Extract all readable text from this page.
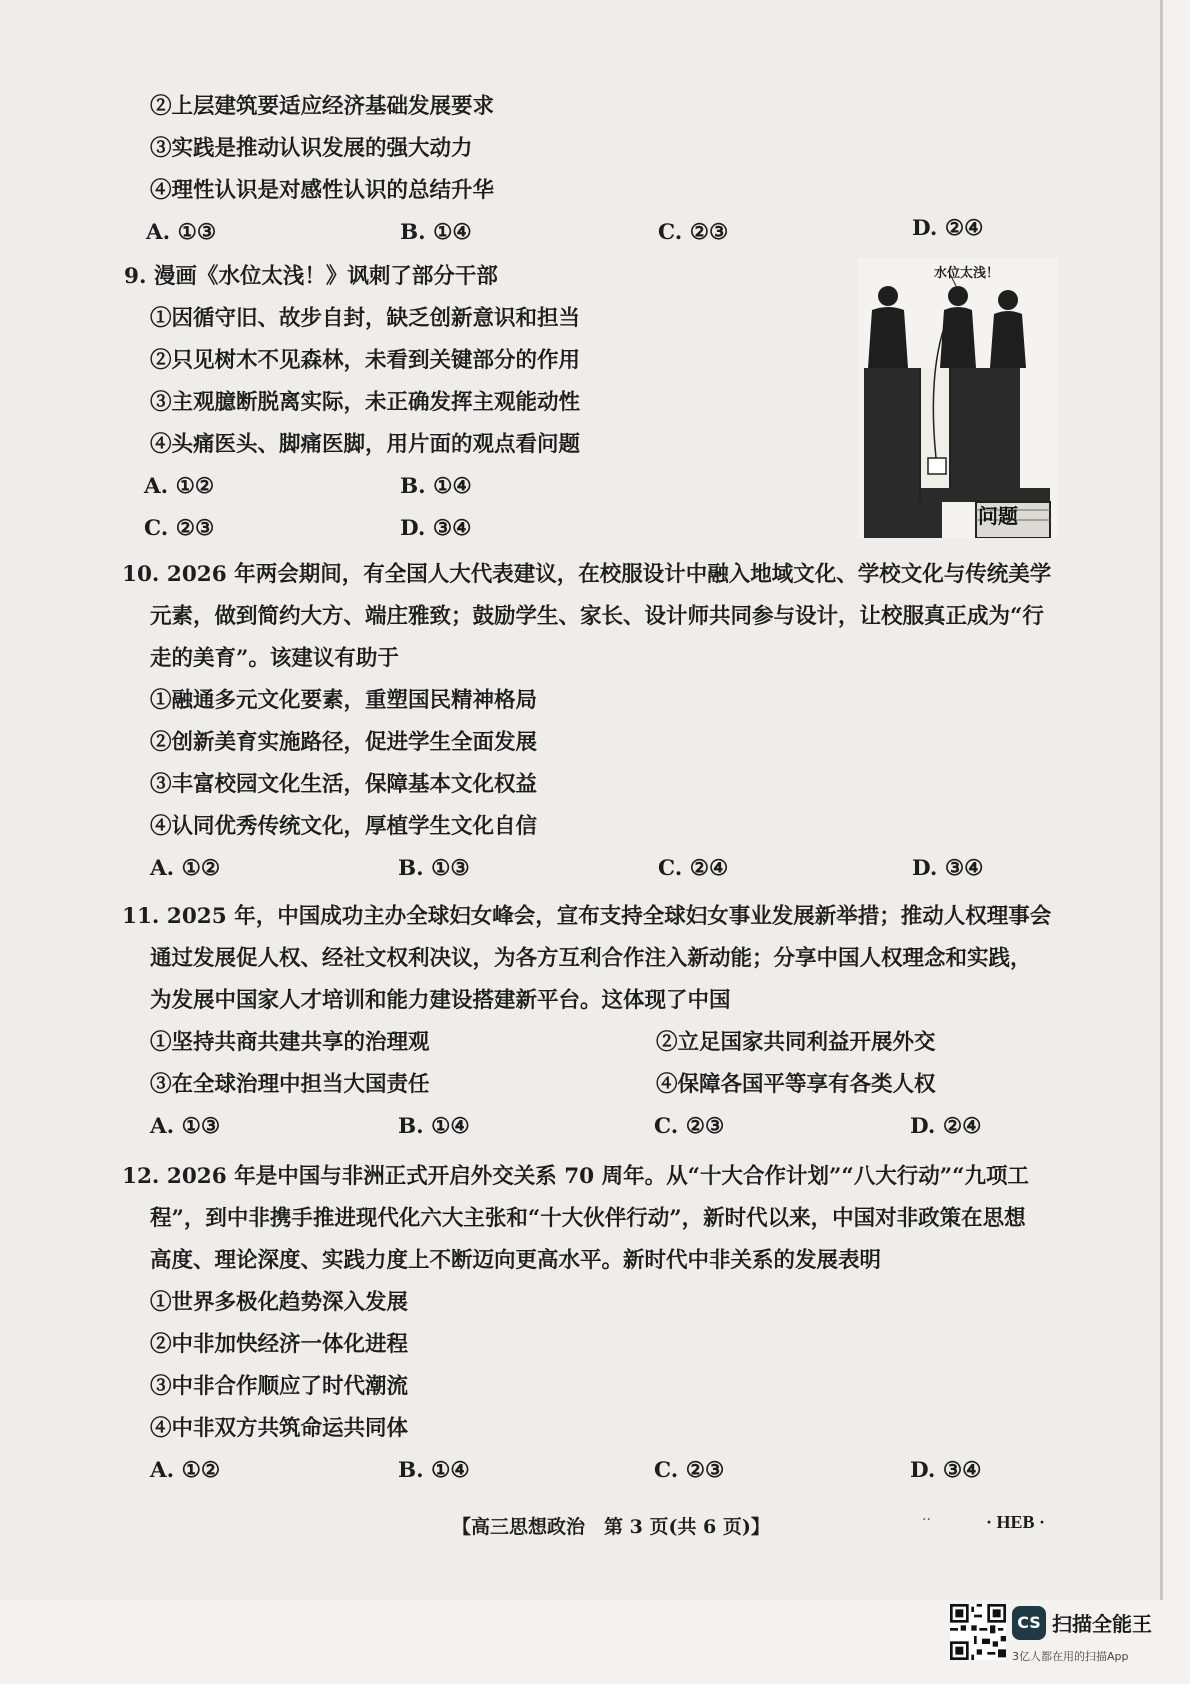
②上层建筑要适应经济基础发展要求
③实践是推动认识发展的强大动力
④理性认识是对感性认识的总结升华
A. ①③	B. ①④	C. ②③	D. ②④
9. 漫画《水位太浅！》讽刺了部分干部
①因循守旧、故步自封，缺乏创新意识和担当
②只见树木不见森林，未看到关键部分的作用
③主观臆断脱离实际，未正确发挥主观能动性
④头痛医头、脚痛医脚，用片面的观点看问题
A. ①②	B. ①④
C. ②③	D. ③④
水位太浅！
问题
10. 2026 年两会期间，有全国人大代表建议，在校服设计中融入地域文化、学校文化与传统美学
元素，做到简约大方、端庄雅致；鼓励学生、家长、设计师共同参与设计，让校服真正成为“行
走的美育”。该建议有助于
①融通多元文化要素，重塑国民精神格局
②创新美育实施路径，促进学生全面发展
③丰富校园文化生活，保障基本文化权益
④认同优秀传统文化，厚植学生文化自信
A. ①②	B. ①③	C. ②④	D. ③④
11. 2025 年，中国成功主办全球妇女峰会，宣布支持全球妇女事业发展新举措；推动人权理事会
通过发展促人权、经社文权利决议，为各方互利合作注入新动能；分享中国人权理念和实践，
为发展中国家人才培训和能力建设搭建新平台。这体现了中国
①坚持共商共建共享的治理观	②立足国家共同利益开展外交
③在全球治理中担当大国责任	④保障各国平等享有各类人权
A. ①③	B. ①④	C. ②③	D. ②④
12. 2026 年是中国与非洲正式开启外交关系 70 周年。从“十大合作计划”“八大行动”“九项工
程”，到中非携手推进现代化六大主张和“十大伙伴行动”，新时代以来，中国对非政策在思想
高度、理论深度、实践力度上不断迈向更高水平。新时代中非关系的发展表明
①世界多极化趋势深入发展
②中非加快经济一体化进程
③中非合作顺应了时代潮流
④中非双方共筑命运共同体
A. ①②	B. ①④	C. ②③	D. ③④
【高三思想政治　第 3 页(共 6 页)】	..	· HEB ·
CS 扫描全能王
3亿人都在用的扫描App
